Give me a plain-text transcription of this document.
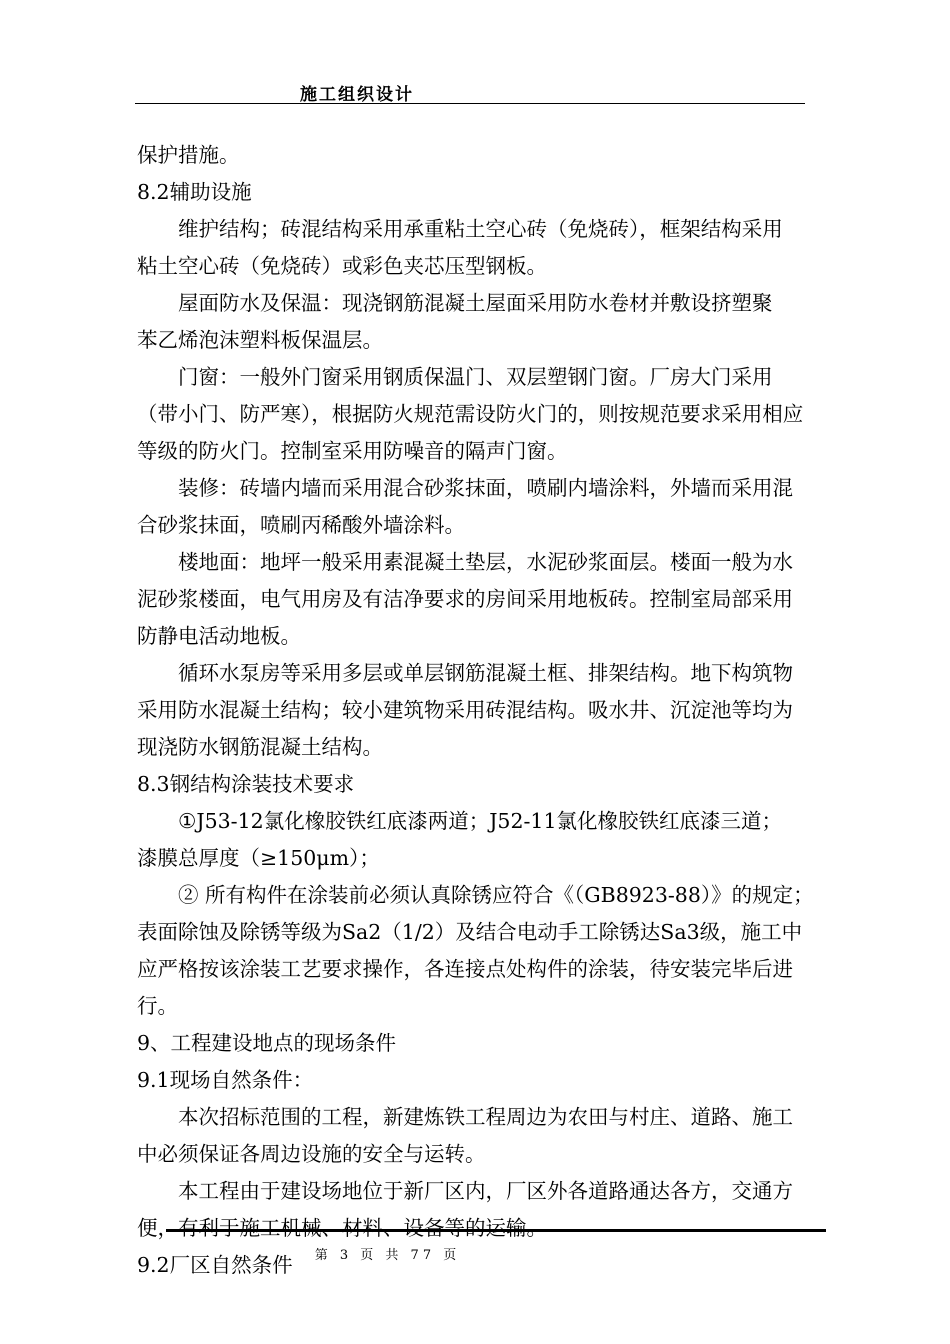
施工组织设计

保护措施。

8.2辅助设施

维护结构；砖混结构采用承重粘土空心砖（免烧砖），框架结构采用

粘土空心砖（免烧砖）或彩色夹芯压型钢板。

屋面防水及保温：现浇钢筋混凝土屋面采用防水卷材并敷设挤塑聚

苯乙烯泡沫塑料板保温层。

门窗：一般外门窗采用钢质保温门、双层塑钢门窗。厂房大门采用

（带小门、防严寒），根据防火规范需设防火门的，则按规范要求采用相应

等级的防火门。控制室采用防噪音的隔声门窗。

装修：砖墙内墙而采用混合砂浆抹面，喷刷内墙涂料，外墙而采用混

合砂浆抹面，喷刷丙稀酸外墙涂料。

楼地面：地坪一般采用素混凝土垫层，水泥砂浆面层。楼面一般为水

泥砂浆楼面，电气用房及有洁净要求的房间采用地板砖。控制室局部采用

防静电活动地板。

循环水泵房等采用多层或单层钢筋混凝土框、排架结构。地下构筑物

采用防水混凝土结构；较小建筑物采用砖混结构。吸水井、沉淀池等均为

现浇防水钢筋混凝土结构。

8.3钢结构涂装技术要求

①J53-12氯化橡胶铁红底漆两道；J52-11氯化橡胶铁红底漆三道；

漆膜总厚度（≥150μm）；

② 所有构件在涂装前必须认真除锈应符合《（GB8923-88）》的规定；

表面除蚀及除锈等级为Sa2（1/2）及结合电动手工除锈达Sa3级，施工中

应严格按该涂装工艺要求操作，各连接点处构件的涂装，待安装完毕后进

行。

9、工程建设地点的现场条件

9.1现场自然条件：

本次招标范围的工程，新建炼铁工程周边为农田与村庄、道路、施工

中必须保证各周边设施的安全与运转。

本工程由于建设场地位于新厂区内，厂区外各道路通达各方，交通方

便，有利于施工机械、材料、设备等的运输。

9.2厂区自然条件	第 3 页 共 77 页
